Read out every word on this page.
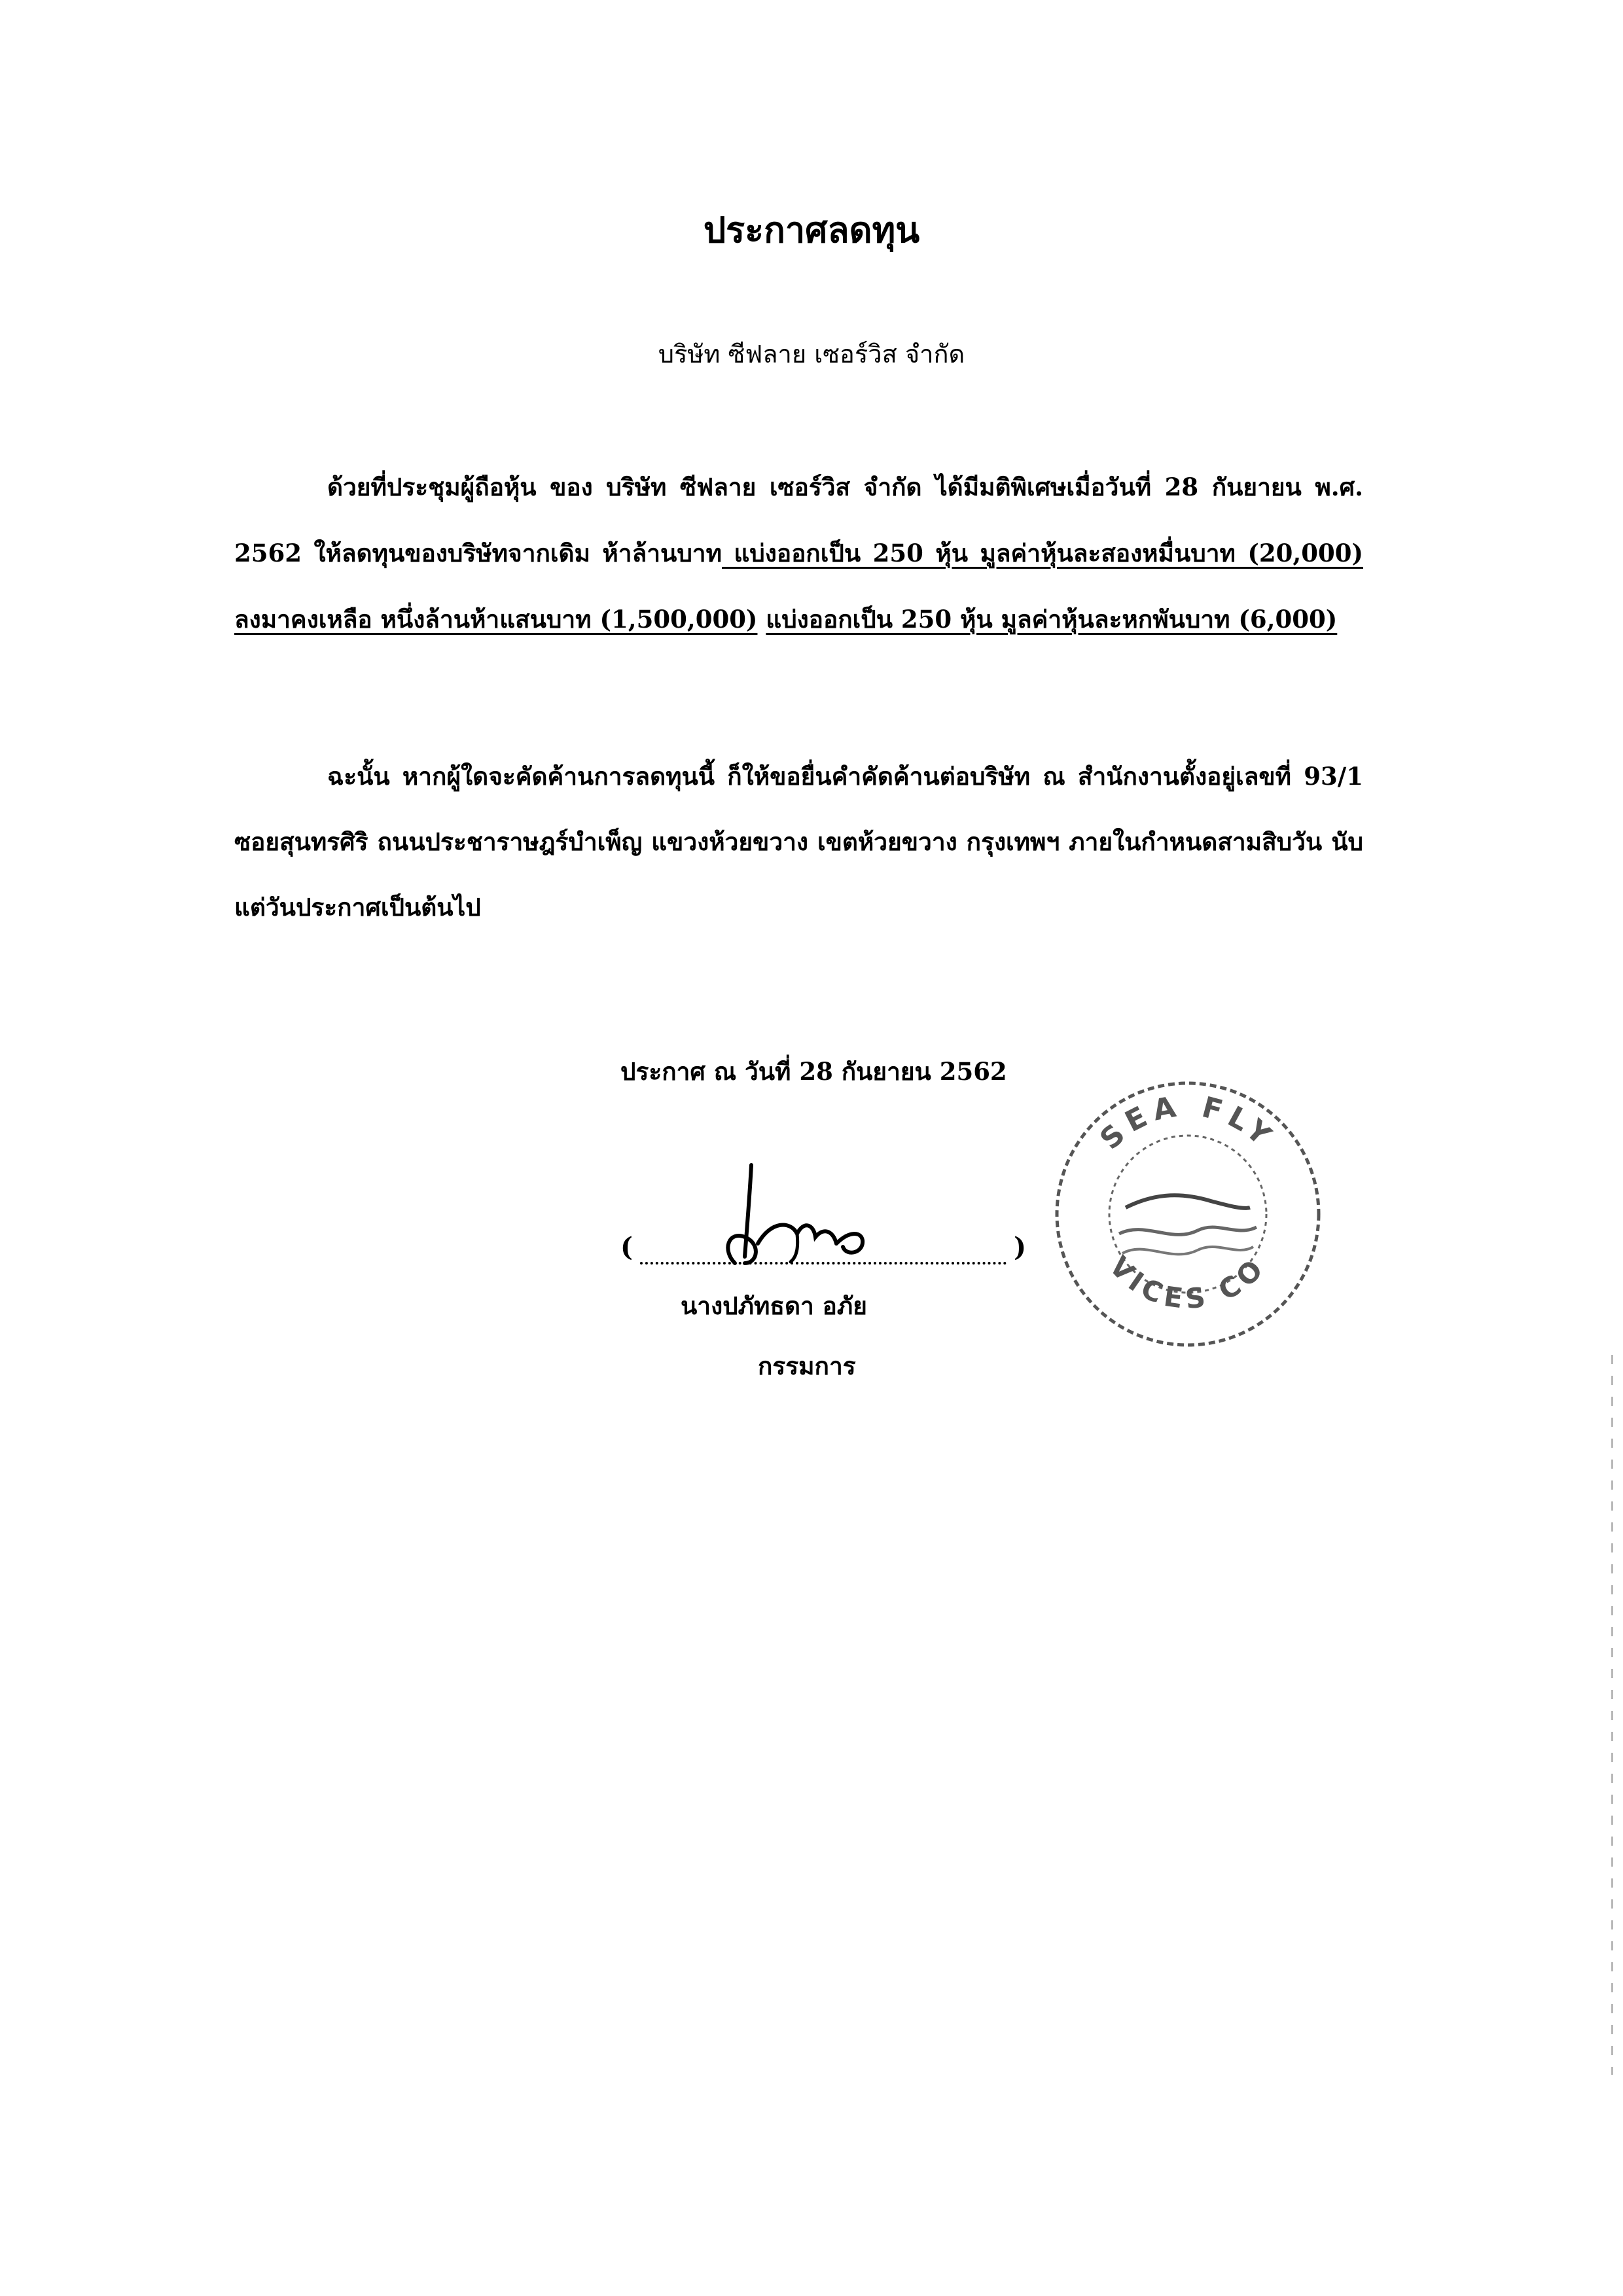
ประกาศลดทุน
บริษัท ซีฟลาย เซอร์วิส จำกัด
ด้วยที่ประชุมผู้ถือหุ้น ของ บริษัท ซีฟลาย เซอร์วิส จำกัด ได้มีมติพิเศษเมื่อวันที่ 28 กันยายน พ.ศ. 2562 ให้ลดทุนของบริษัทจากเดิม ห้าล้านบาท แบ่งออกเป็น 250 หุ้น มูลค่าหุ้นละสองหมื่นบาท (20,000) ลงมาคงเหลือ หนึ่งล้านห้าแสนบาท (1,500,000) แบ่งออกเป็น 250 หุ้น มูลค่าหุ้นละหกพันบาท (6,000)
ฉะนั้น หากผู้ใดจะคัดค้านการลดทุนนี้ ก็ให้ขอยื่นคำคัดค้านต่อบริษัท ณ สำนักงานตั้งอยู่เลขที่ 93/1 ซอยสุนทรศิริ ถนนประชาราษฎร์บำเพ็ญ แขวงห้วยขวาง เขตห้วยขวาง กรุงเทพฯ ภายในกำหนดสามสิบวัน นับแต่วันประกาศเป็นต้นไป
ประกาศ ณ วันที่ 28 กันยายน 2562
(	)
นางปภัทธดา อภัย
กรรมการ
SEA FLY
VICES CO
